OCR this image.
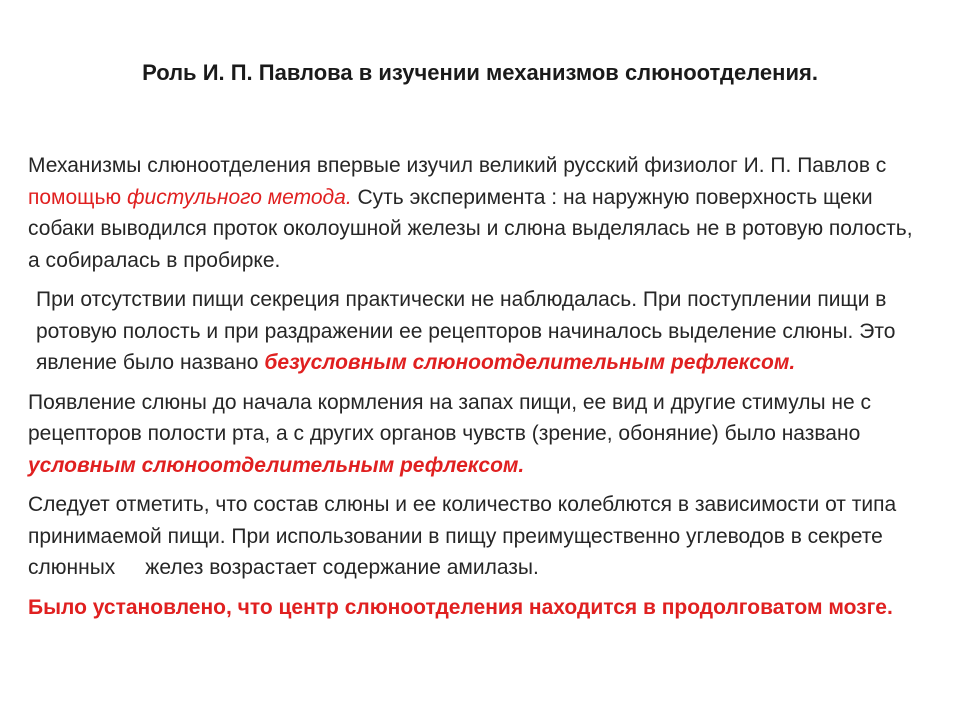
Роль И. П. Павлова в изучении механизмов слюноотделения.

Механизмы слюноотделения впервые изучил великий русский физиолог И. П. Павлов с помощью фистульного метода. Суть эксперимента : на наружную поверхность щеки собаки выводился проток околоушной железы и слюна выделялась не в ротовую полость, а собиралась в пробирке.

При отсутствии пищи секреция практически не наблюдалась. При поступлении пищи в ротовую полость и при раздражении ее рецепторов начиналось выделение слюны. Это явление было названо безусловным слюноотделительным рефлексом.

Появление слюны до начала кормления на запах пищи, ее вид и другие стимулы не с рецепторов полости рта, а с других органов чувств (зрение, обоняние) было названо условным слюноотделительным рефлексом.

Следует отметить, что состав слюны и ее количество колеблются в зависимости от типа принимаемой пищи. При использовании в пищу преимущественно углеводов в секрете слюнных желез возрастает содержание амилазы.

Было установлено, что центр слюноотделения находится в продолговатом мозге.
